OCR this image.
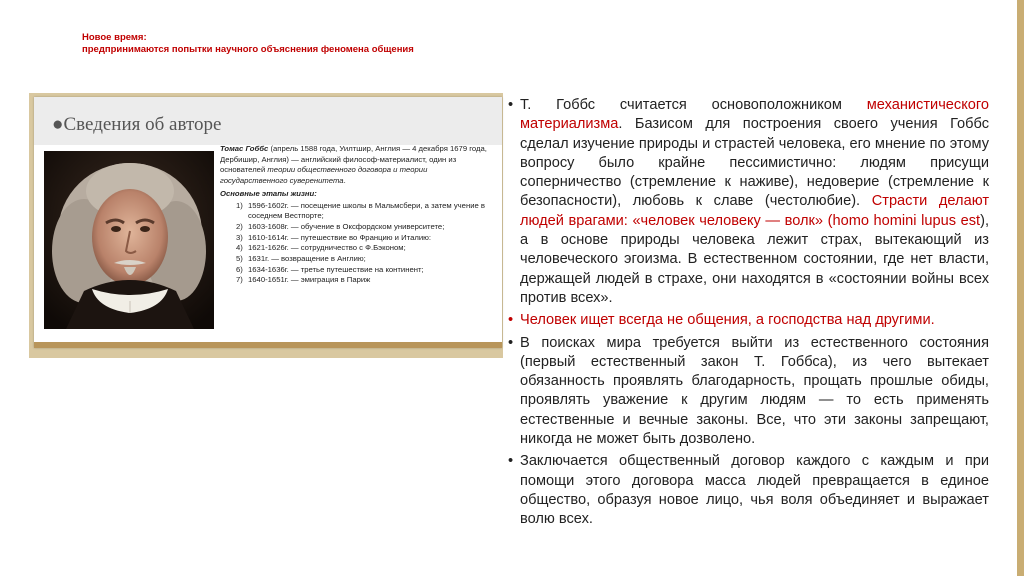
Новое время:
предпринимаются попытки научного объяснения феномена общения
●Сведения об авторе
Томас Гоббс (апрель 1588 года, Уилтшир, Англия — 4 декабря 1679 года, Дербишир, Англия) — английский философ-материалист, один из основателей теории общественного договора и теории государственного суверенитета.
Основные этапы жизни:
1) 1596-1602г. — посещение школы в Мальмсбери, а затем учение в соседнем Вестпорте;
2) 1603-1608г. — обучение в Оксфордском университете;
3) 1610-1614г. — путешествие во Францию и Италию:
4) 1621-1626г. — сотрудничество с Ф.Бэконом;
5) 1631г. — возвращение в Англию;
6) 1634-1636г. — третье путешествие на континент;
7) 1640-1651г. — эмиграция в Париж
• Т. Гоббс считается основоположником механистического материализма. Базисом для построения своего учения Гоббс сделал изучение природы и страстей человека, его мнение по этому вопросу было крайне пессимистично: людям присущи соперничество (стремление к наживе), недоверие (стремление к безопасности), любовь к славе (честолюбие). Страсти делают людей врагами: «человек человеку — волк» (homo homini lupus est), а в основе природы человека лежит страх, вытекающий из человеческого эгоизма. В естественном состоянии, где нет власти, держащей людей в страхе, они находятся в «состоянии войны всех против всех».
• Человек ищет всегда не общения, а господства над другими.
• В поисках мира требуется выйти из естественного состояния (первый естественный закон Т. Гоббса), из чего вытекает обязанность проявлять благодарность, прощать прошлые обиды, проявлять уважение к другим людям — то есть применять естественные и вечные законы. Все, что эти законы запрещают, никогда не может быть дозволено.
• Заключается общественный договор каждого с каждым и при помощи этого договора масса людей превращается в единое общество, образуя новое лицо, чья воля объединяет и выражает волю всех.
